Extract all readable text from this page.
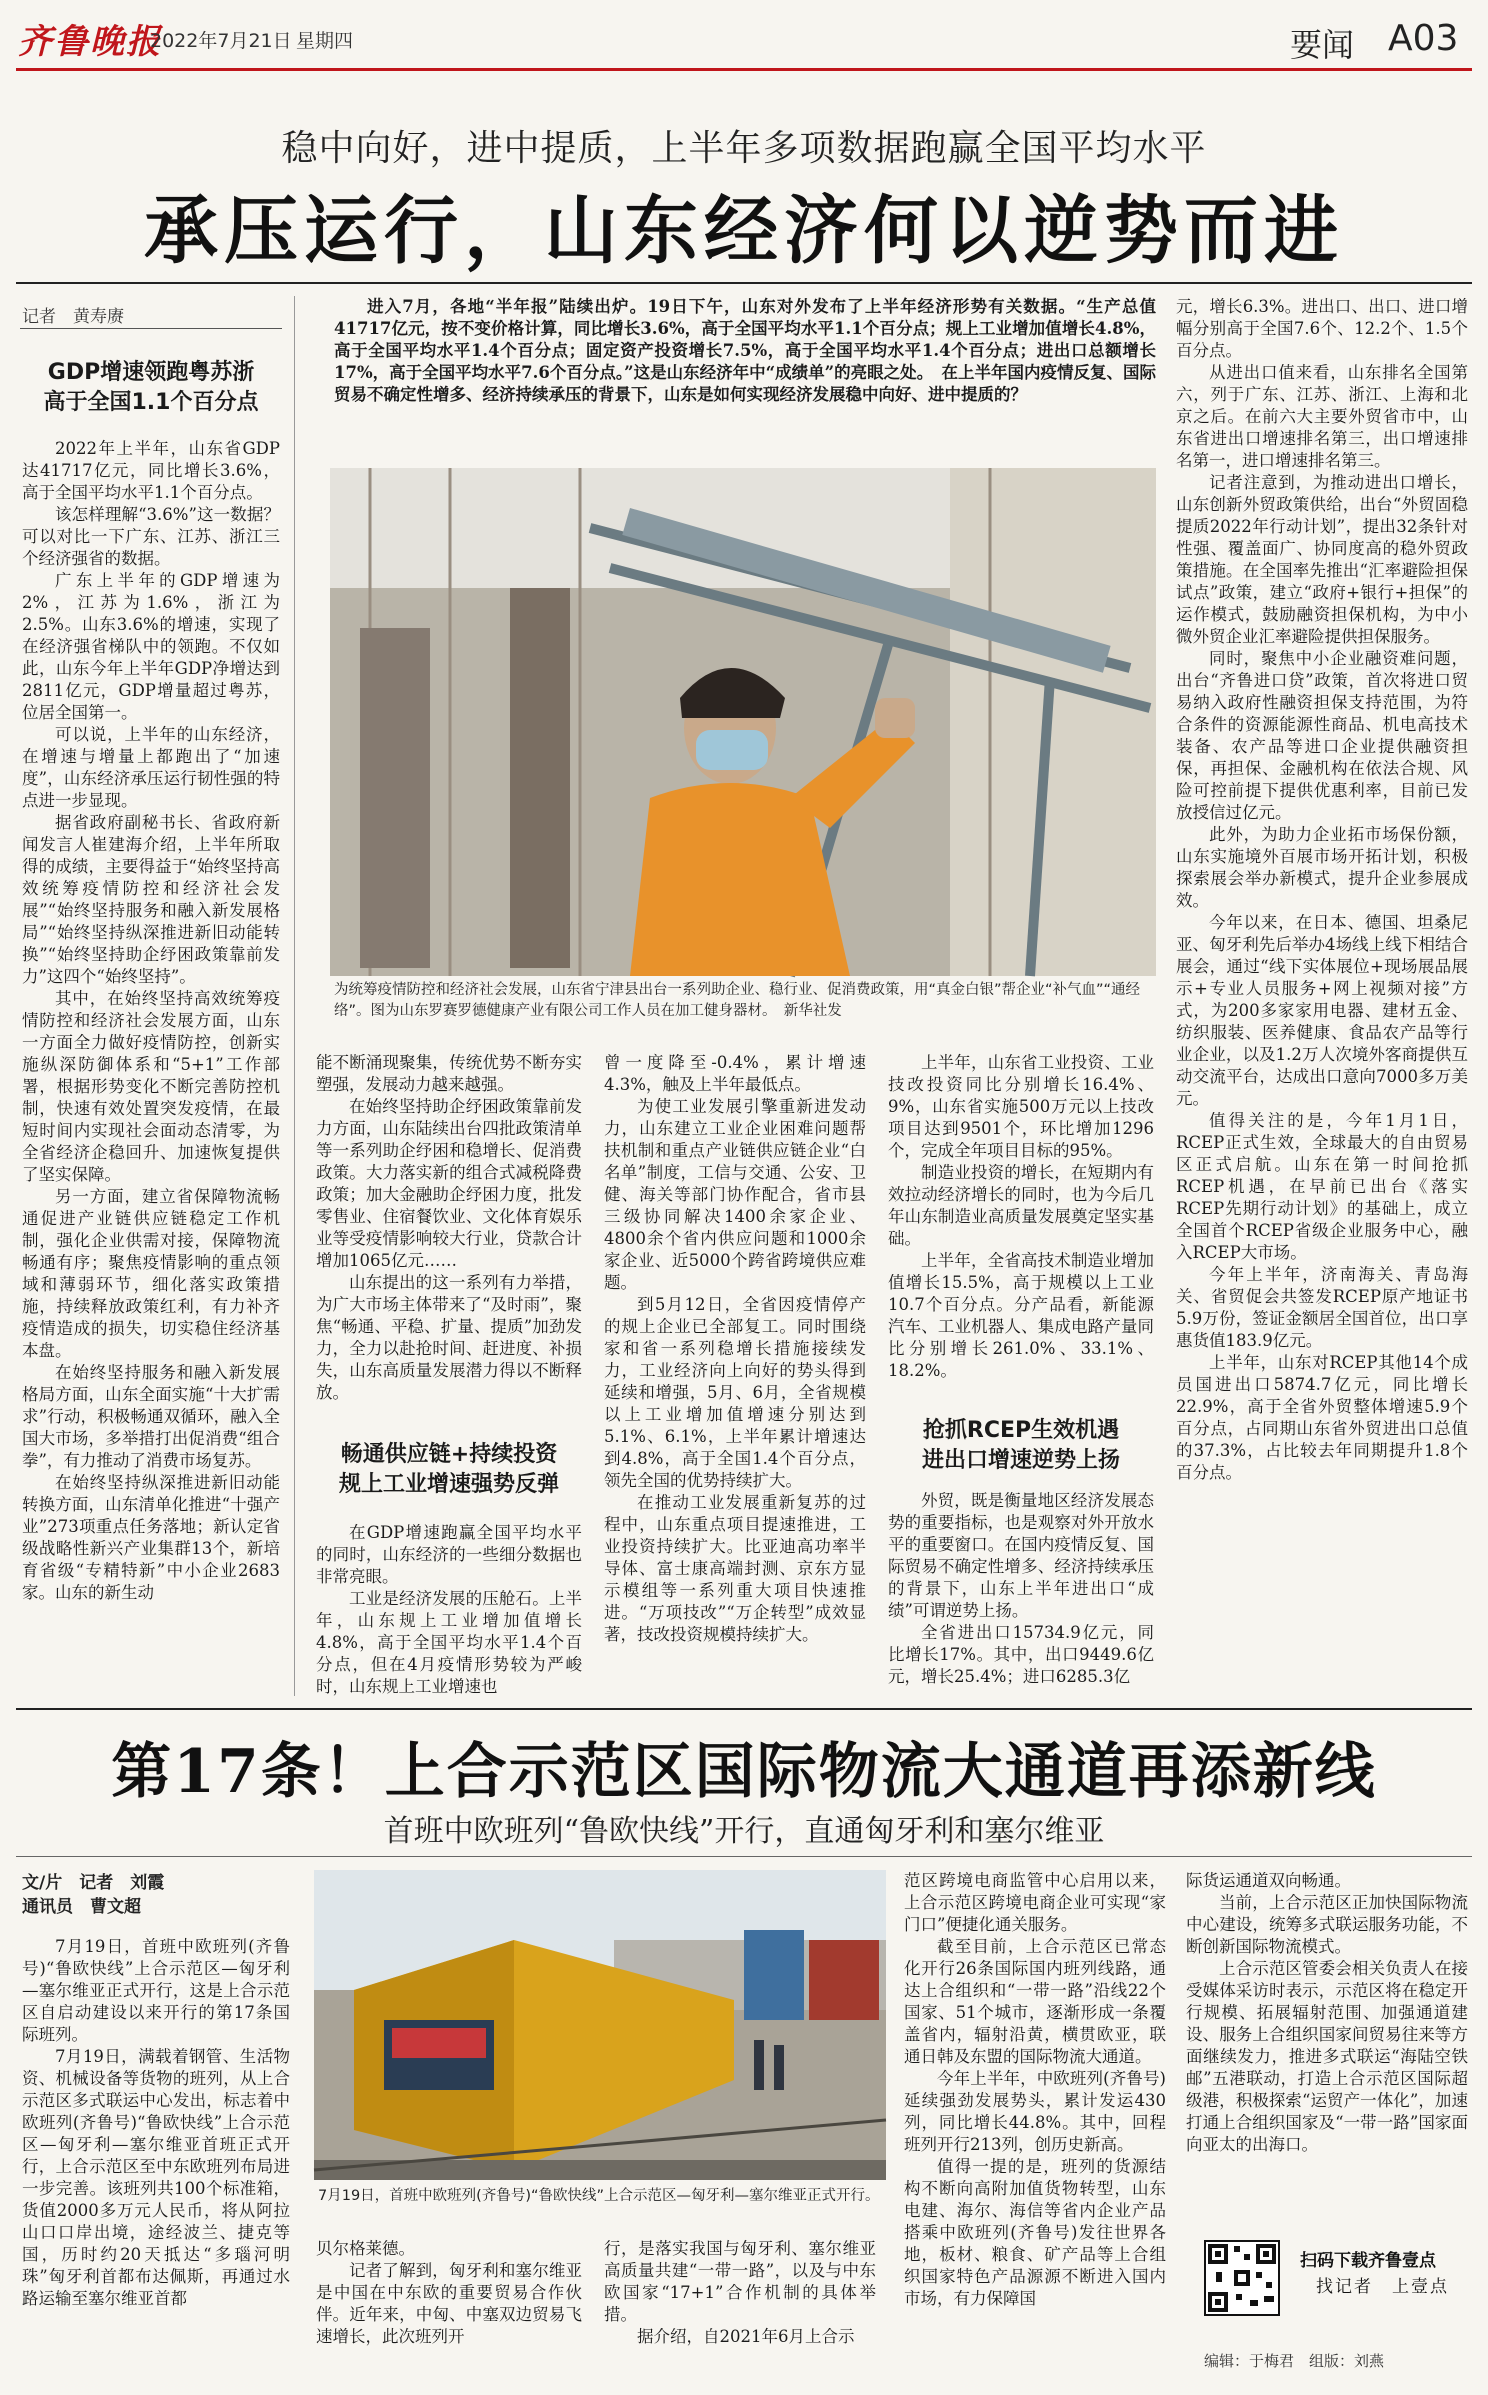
齐鲁晚报
2022年7月21日 星期四	要闻 A03
稳中向好，进中提质，上半年多项数据跑赢全国平均水平
承压运行，山东经济何以逆势而进
记者　黄寿赓
GDP增速领跑粤苏浙
高于全国1.1个百分点

2022年上半年，山东省GDP达41717亿元，同比增长3.6%，高于全国平均水平1.1个百分点。

该怎样理解“3.6%”这一数据？可以对比一下广东、江苏、浙江三个经济强省的数据。

广东上半年的GDP增速为2%，江苏为1.6%，浙江为2.5%。山东3.6%的增速，实现了在经济强省梯队中的领跑。不仅如此，山东今年上半年GDP净增达到2811亿元，GDP增量超过粤苏，位居全国第一。

可以说，上半年的山东经济，在增速与增量上都跑出了“加速度”，山东经济承压运行韧性强的特点进一步显现。

据省政府副秘书长、省政府新闻发言人崔建海介绍，上半年所取得的成绩，主要得益于“始终坚持高效统筹疫情防控和经济社会发展”“始终坚持服务和融入新发展格局”“始终坚持纵深推进新旧动能转换”“始终坚持助企纾困政策靠前发力”这四个“始终坚持”。

其中，在始终坚持高效统筹疫情防控和经济社会发展方面，山东一方面全力做好疫情防控，创新实施纵深防御体系和“5+1”工作部署，根据形势变化不断完善防控机制，快速有效处置突发疫情，在最短时间内实现社会面动态清零，为全省经济企稳回升、加速恢复提供了坚实保障。

另一方面，建立省保障物流畅通促进产业链供应链稳定工作机制，强化企业供需对接，保障物流畅通有序；聚焦疫情影响的重点领域和薄弱环节，细化落实政策措施，持续释放政策红利，有力补齐疫情造成的损失，切实稳住经济基本盘。

在始终坚持服务和融入新发展格局方面，山东全面实施“十大扩需求”行动，积极畅通双循环，融入全国大市场，多举措打出促消费“组合拳”，有力推动了消费市场复苏。

在始终坚持纵深推进新旧动能转换方面，山东清单化推进“十强产业”273项重点任务落地；新认定省级战略性新兴产业集群13个，新培育省级“专精特新”中小企业2683家。山东的新生动

进入7月，各地“半年报”陆续出炉。19日下午，山东对外发布了上半年经济形势有关数据。“生产总值41717亿元，按不变价格计算，同比增长3.6%，高于全国平均水平1.1个百分点；规上工业增加值增长4.8%，高于全国平均水平1.4个百分点；固定资产投资增长7.5%，高于全国平均水平1.4个百分点；进出口总额增长17%，高于全国平均水平7.6个百分点。”这是山东经济年中“成绩单”的亮眼之处。　在上半年国内疫情反复、国际贸易不确定性增多、经济持续承压的背景下，山东是如何实现经济发展稳中向好、进中提质的？
为统筹疫情防控和经济社会发展，山东省宁津县出台一系列助企业、稳行业、促消费政策，用“真金白银”帮企业“补气血”“通经络”。图为山东罗赛罗德健康产业有限公司工作人员在加工健身器材。　新华社发

能不断涌现聚集，传统优势不断夯实塑强，发展动力越来越强。

在始终坚持助企纾困政策靠前发力方面，山东陆续出台四批政策清单等一系列助企纾困和稳增长、促消费政策。大力落实新的组合式减税降费政策；加大金融助企纾困力度，批发零售业、住宿餐饮业、文化体育娱乐业等受疫情影响较大行业，贷款合计增加1065亿元……

山东提出的这一系列有力举措，为广大市场主体带来了“及时雨”，聚焦“畅通、平稳、扩量、提质”加劲发力，全力以赴抢时间、赶进度、补损失，山东高质量发展潜力得以不断释放。

畅通供应链+持续投资
规上工业增速强势反弹

在GDP增速跑赢全国平均水平的同时，山东经济的一些细分数据也非常亮眼。

工业是经济发展的压舱石。上半年，山东规上工业增加值增长4.8%，高于全国平均水平1.4个百分点，但在4月疫情形势较为严峻时，山东规上工业增速也

曾一度降至-0.4%，累计增速4.3%，触及上半年最低点。

为使工业发展引擎重新进发动力，山东建立工业企业困难问题帮扶机制和重点产业链供应链企业“白名单”制度，工信与交通、公安、卫健、海关等部门协作配合，省市县三级协同解决1400余家企业、4800余个省内供应问题和1000余家企业、近5000个跨省跨境供应难题。

到5月12日，全省因疫情停产的规上企业已全部复工。同时围绕家和省一系列稳增长措施接续发力，工业经济向上向好的势头得到延续和增强，5月、6月，全省规模以上工业增加值增速分别达到5.1%、6.1%，上半年累计增速达到4.8%，高于全国1.4个百分点，领先全国的优势持续扩大。

在推动工业发展重新复苏的过程中，山东重点项目提速推进，工业投资持续扩大。比亚迪高功率半导体、富士康高端封测、京东方显示模组等一系列重大项目快速推进。“万项技改”“万企转型”成效显著，技改投资规模持续扩大。

上半年，山东省工业投资、工业技改投资同比分别增长16.4%、9%，山东省实施500万元以上技改项目达到9501个，环比增加1296个，完成全年项目目标的95%。

制造业投资的增长，在短期内有效拉动经济增长的同时，也为今后几年山东制造业高质量发展奠定坚实基础。

上半年，全省高技术制造业增加值增长15.5%，高于规模以上工业10.7个百分点。分产品看，新能源汽车、工业机器人、集成电路产量同比分别增长261.0%、33.1%、18.2%。

抢抓RCEP生效机遇
进出口增速逆势上扬

外贸，既是衡量地区经济发展态势的重要指标，也是观察对外开放水平的重要窗口。在国内疫情反复、国际贸易不确定性增多、经济持续承压的背景下，山东上半年进出口“成绩”可谓逆势上扬。

全省进出口15734.9亿元，同比增长17%。其中，出口9449.6亿元，增长25.4%；进口6285.3亿

元，增长6.3%。进出口、出口、进口增幅分别高于全国7.6个、12.2个、1.5个百分点。

从进出口值来看，山东排名全国第六，列于广东、江苏、浙江、上海和北京之后。在前六大主要外贸省市中，山东省进出口增速排名第三，出口增速排名第一，进口增速排名第三。

记者注意到，为推动进出口增长，山东创新外贸政策供给，出台“外贸固稳提质2022年行动计划”，提出32条针对性强、覆盖面广、协同度高的稳外贸政策措施。在全国率先推出“汇率避险担保试点”政策，建立“政府+银行+担保”的运作模式，鼓励融资担保机构，为中小微外贸企业汇率避险提供担保服务。

同时，聚焦中小企业融资难问题，出台“齐鲁进口贷”政策，首次将进口贸易纳入政府性融资担保支持范围，为符合条件的资源能源性商品、机电高技术装备、农产品等进口企业提供融资担保，再担保、金融机构在依法合规、风险可控前提下提供优惠利率，目前已发放授信过亿元。

此外，为助力企业拓市场保份额，山东实施境外百展市场开拓计划，积极探索展会举办新模式，提升企业参展成效。

今年以来，在日本、德国、坦桑尼亚、匈牙利先后举办4场线上线下相结合展会，通过“线下实体展位+现场展品展示+专业人员服务+网上视频对接”方式，为200多家家用电器、建材五金、纺织服装、医养健康、食品农产品等行业企业，以及1.2万人次境外客商提供互动交流平台，达成出口意向7000多万美元。

值得关注的是，今年1月1日，RCEP正式生效，全球最大的自由贸易区正式启航。山东在第一时间抢抓RCEP机遇，在早前已出台《落实RCEP先期行动计划》的基础上，成立全国首个RCEP省级企业服务中心，融入RCEP大市场。

今年上半年，济南海关、青岛海关、省贸促会共签发RCEP原产地证书5.9万份，签证金额居全国首位，出口享惠货值183.9亿元。

上半年，山东对RCEP其他14个成员国进出口5874.7亿元，同比增长22.9%，高于全省外贸整体增速5.9个百分点，占同期山东省外贸进出口总值的37.3%，占比较去年同期提升1.8个百分点。

第17条！上合示范区国际物流大通道再添新线
首班中欧班列“鲁欧快线”开行，直通匈牙利和塞尔维亚
文/片　记者　刘霞
通讯员　曹文超

7月19日，首班中欧班列(齐鲁号)“鲁欧快线”上合示范区—匈牙利—塞尔维亚正式开行，这是上合示范区自启动建设以来开行的第17条国际班列。

7月19日，满载着钢管、生活物资、机械设备等货物的班列，从上合示范区多式联运中心发出，标志着中欧班列(齐鲁号)“鲁欧快线”上合示范区—匈牙利—塞尔维亚首班正式开行，上合示范区至中东欧班列布局进一步完善。该班列共100个标准箱，货值2000多万元人民币，将从阿拉山口口岸出境，途经波兰、捷克等国，历时约20天抵达“多瑙河明珠”匈牙利首都布达佩斯，再通过水路运输至塞尔维亚首都

7月19日，首班中欧班列(齐鲁号)“鲁欧快线”上合示范区—匈牙利—塞尔维亚正式开行。

贝尔格莱德。

记者了解到，匈牙利和塞尔维亚是中国在中东欧的重要贸易合作伙伴。近年来，中匈、中塞双边贸易飞速增长，此次班列开

行，是落实我国与匈牙利、塞尔维亚高质量共建“一带一路”，以及与中东欧国家“17+1”合作机制的具体举措。

据介绍，自2021年6月上合示

范区跨境电商监管中心启用以来，上合示范区跨境电商企业可实现“家门口”便捷化通关服务。

截至目前，上合示范区已常态化开行26条国际国内班列线路，通达上合组织和“一带一路”沿线22个国家、51个城市，逐渐形成一条覆盖省内，辐射沿黄，横贯欧亚，联通日韩及东盟的国际物流大通道。

今年上半年，中欧班列(齐鲁号)延续强劲发展势头，累计发运430列，同比增长44.8%。其中，回程班列开行213列，创历史新高。

值得一提的是，班列的货源结构不断向高附加值货物转型，山东电建、海尔、海信等省内企业产品搭乘中欧班列(齐鲁号)发往世界各地，板材、粮食、矿产品等上合组织国家特色产品源源不断进入国内市场，有力保障国

际货运通道双向畅通。

当前，上合示范区正加快国际物流中心建设，统筹多式联运服务功能，不断创新国际物流模式。

上合示范区管委会相关负责人在接受媒体采访时表示，示范区将在稳定开行规模、拓展辐射范围、加强通道建设、服务上合组织国家间贸易往来等方面继续发力，推进多式联运“海陆空铁邮”五港联动，打造上合示范区国际超级港，积极探索“运贸产一体化”，加速打通上合组织国家及“一带一路”国家面向亚太的出海口。

扫码下载齐鲁壹点
找记者　上壹点
编辑：于梅君　组版：刘燕
